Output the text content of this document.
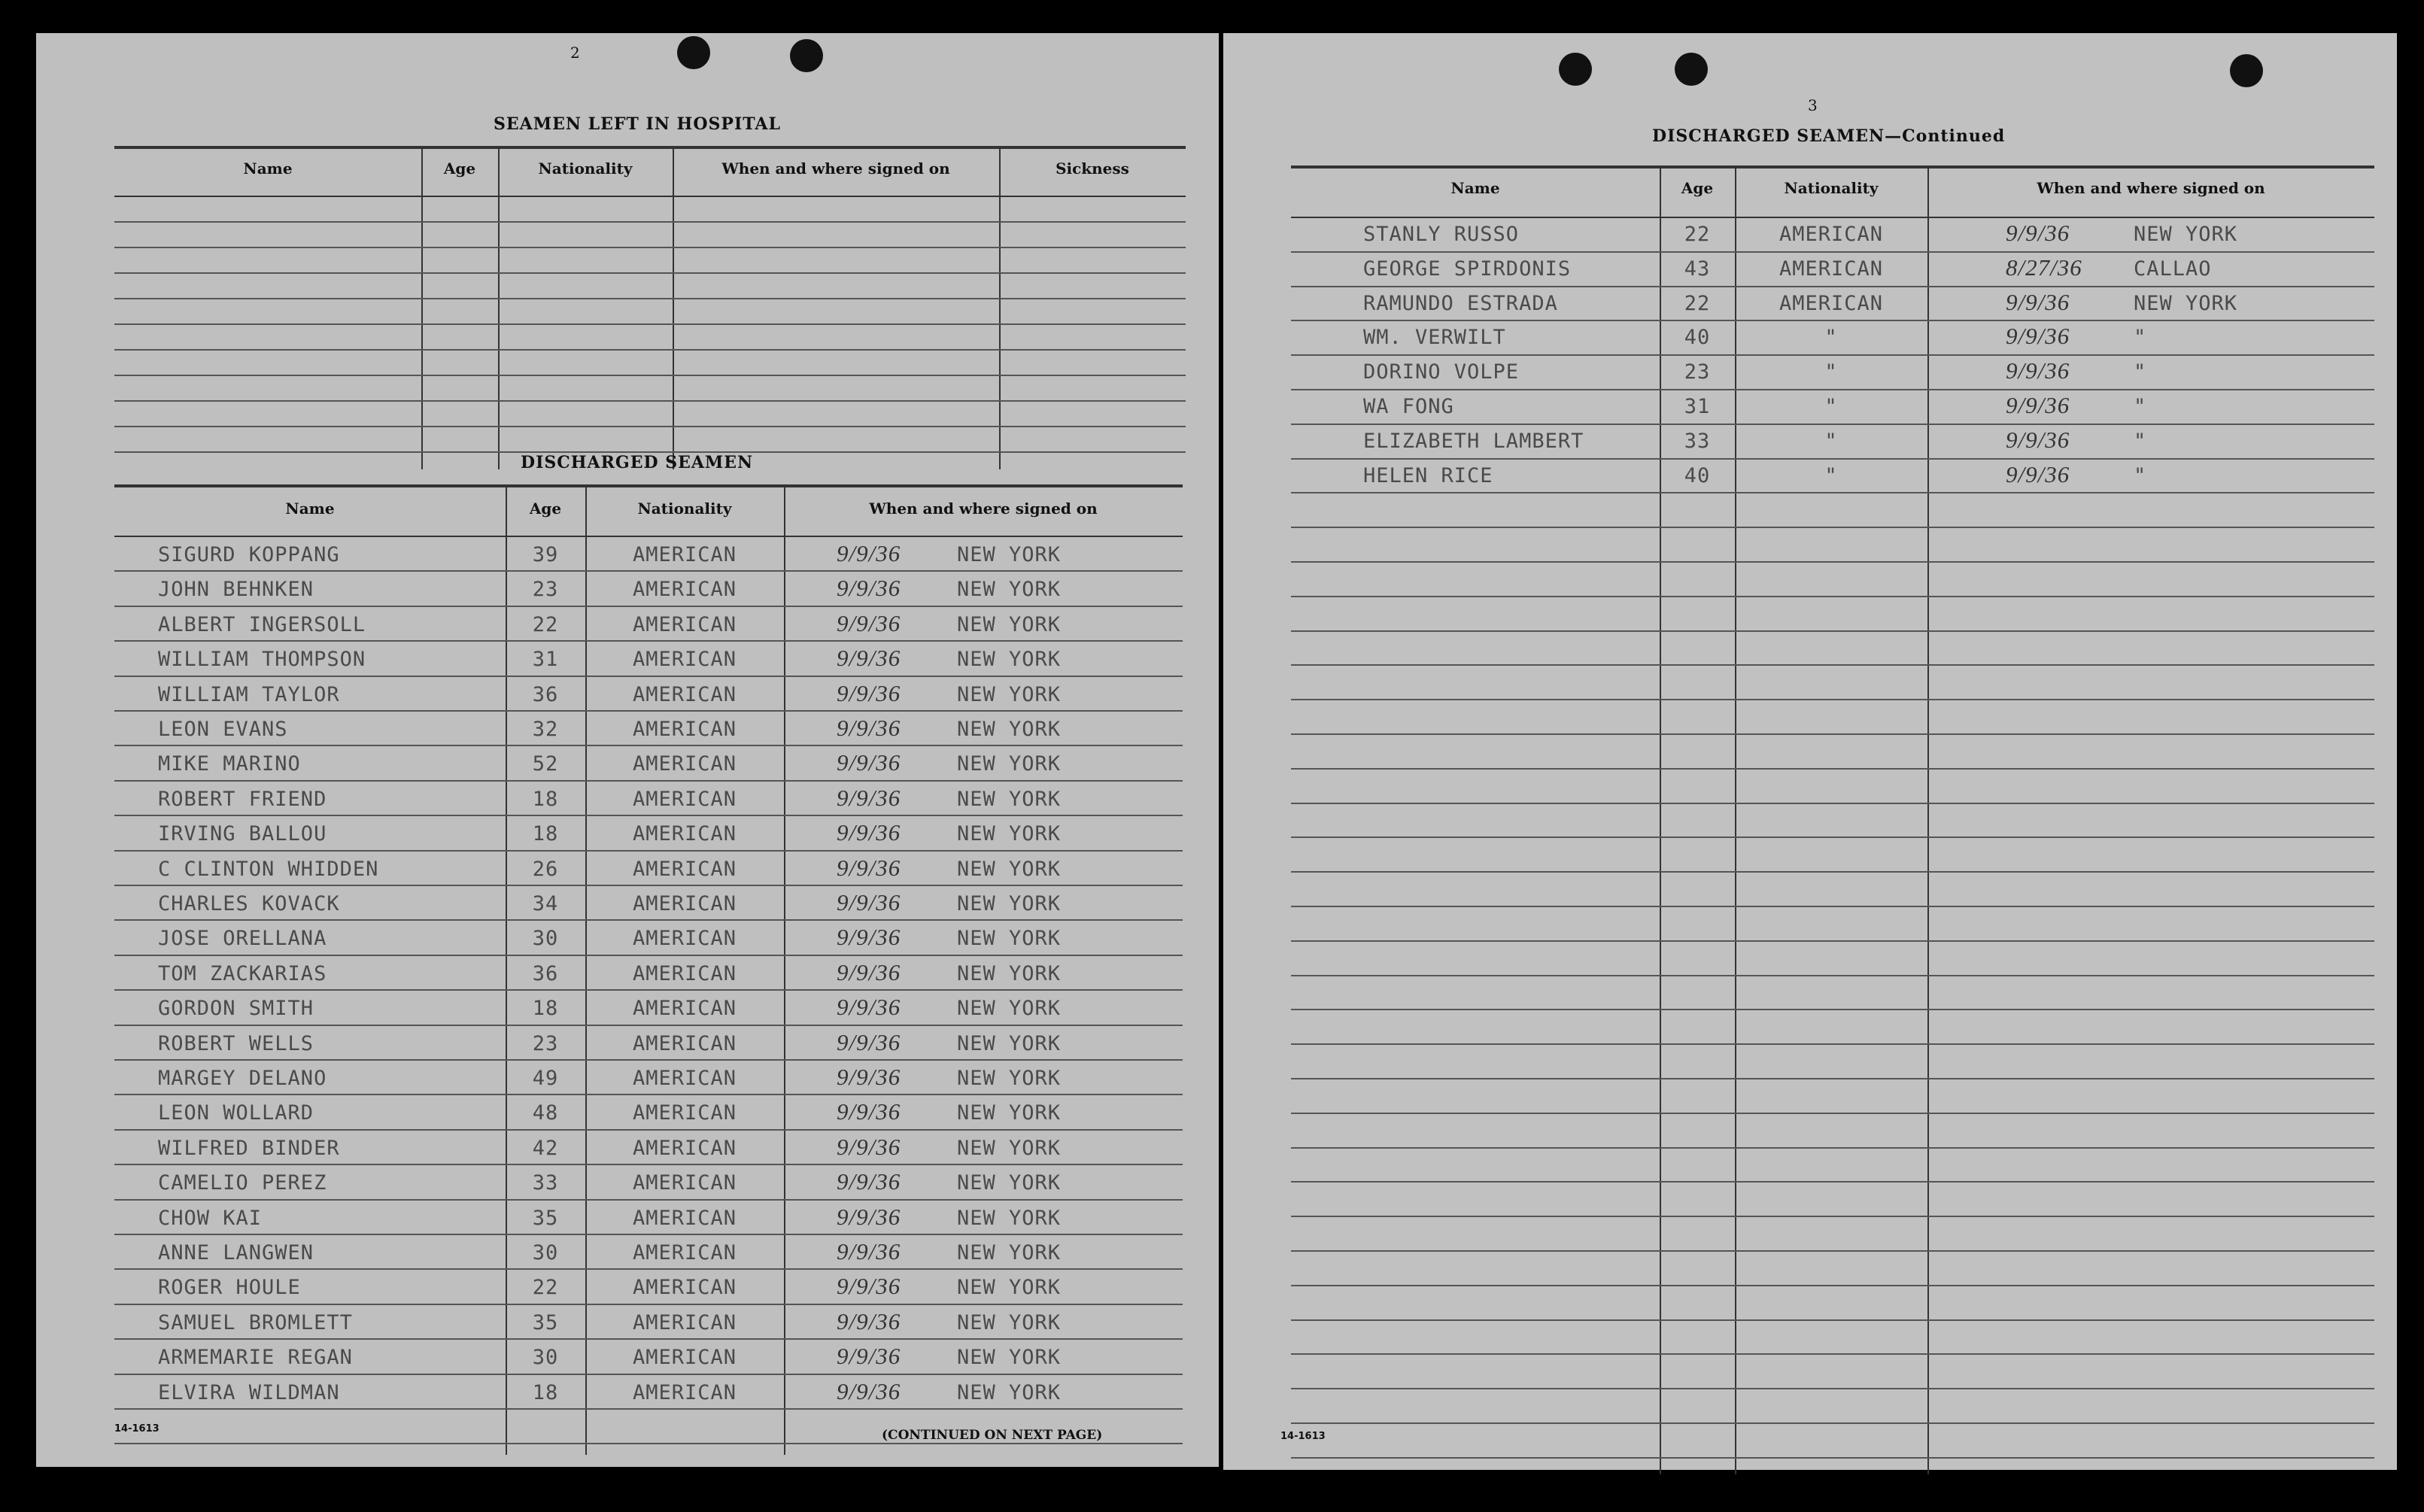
2
SEAMEN LEFT IN HOSPITAL
Name	Age	Nationality	When and where signed on	Sickness
DISCHARGED SEAMEN
Name	Age	Nationality	When and where signed on
SIGURD KOPPANG	39	AMERICAN	9/9/36	NEW YORK
JOHN BEHNKEN	23	AMERICAN	9/9/36	NEW YORK
ALBERT INGERSOLL	22	AMERICAN	9/9/36	NEW YORK
WILLIAM THOMPSON	31	AMERICAN	9/9/36	NEW YORK
WILLIAM TAYLOR	36	AMERICAN	9/9/36	NEW YORK
LEON EVANS	32	AMERICAN	9/9/36	NEW YORK
MIKE MARINO	52	AMERICAN	9/9/36	NEW YORK
ROBERT FRIEND	18	AMERICAN	9/9/36	NEW YORK
IRVING BALLOU	18	AMERICAN	9/9/36	NEW YORK
C CLINTON WHIDDEN	26	AMERICAN	9/9/36	NEW YORK
CHARLES KOVACK	34	AMERICAN	9/9/36	NEW YORK
JOSE ORELLANA	30	AMERICAN	9/9/36	NEW YORK
TOM ZACKARIAS	36	AMERICAN	9/9/36	NEW YORK
GORDON SMITH	18	AMERICAN	9/9/36	NEW YORK
ROBERT WELLS	23	AMERICAN	9/9/36	NEW YORK
MARGEY DELANO	49	AMERICAN	9/9/36	NEW YORK
LEON WOLLARD	48	AMERICAN	9/9/36	NEW YORK
WILFRED BINDER	42	AMERICAN	9/9/36	NEW YORK
CAMELIO PEREZ	33	AMERICAN	9/9/36	NEW YORK
CHOW KAI	35	AMERICAN	9/9/36	NEW YORK
ANNE LANGWEN	30	AMERICAN	9/9/36	NEW YORK
ROGER HOULE	22	AMERICAN	9/9/36	NEW YORK
SAMUEL BROMLETT	35	AMERICAN	9/9/36	NEW YORK
ARMEMARIE REGAN	30	AMERICAN	9/9/36	NEW YORK
ELVIRA WILDMAN	18	AMERICAN	9/9/36	NEW YORK
14-1613	(CONTINUED ON NEXT PAGE)
3
DISCHARGED SEAMEN—Continued
Name	Age	Nationality	When and where signed on
STANLY RUSSO	22	AMERICAN	9/9/36	NEW YORK
GEORGE SPIRDONIS	43	AMERICAN	8/27/36	CALLAO
RAMUNDO ESTRADA	22	AMERICAN	9/9/36	NEW YORK
WM. VERWILT	40	"	9/9/36	"
DORINO VOLPE	23	"	9/9/36	"
WA FONG	31	"	9/9/36	"
ELIZABETH LAMBERT	33	"	9/9/36	"
HELEN RICE	40	"	9/9/36	"
14-1613
